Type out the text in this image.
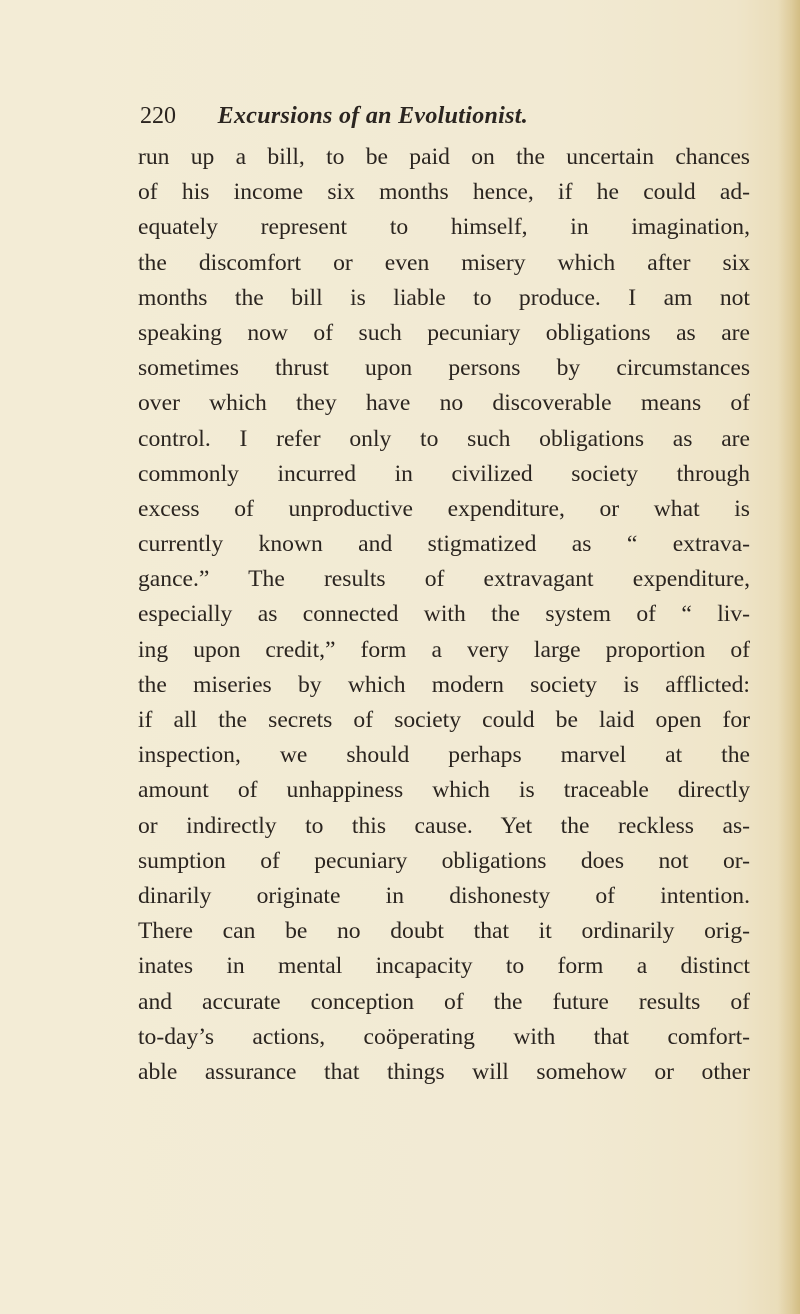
220 Excursions of an Evolutionist.
run up a bill, to be paid on the uncertain chances
of his income six months hence, if he could ad-
equately represent to himself, in imagination,
the discomfort or even misery which after six
months the bill is liable to produce. I am not
speaking now of such pecuniary obligations as are
sometimes thrust upon persons by circumstances
over which they have no discoverable means of
control. I refer only to such obligations as are
commonly incurred in civilized society through
excess of unproductive expenditure, or what is
currently known and stigmatized as “ extrava-
gance.” The results of extravagant expenditure,
especially as connected with the system of “ liv-
ing upon credit,” form a very large proportion of
the miseries by which modern society is afflicted:
if all the secrets of society could be laid open for
inspection, we should perhaps marvel at the
amount of unhappiness which is traceable directly
or indirectly to this cause. Yet the reckless as-
sumption of pecuniary obligations does not or-
dinarily originate in dishonesty of intention.
There can be no doubt that it ordinarily orig-
inates in mental incapacity to form a distinct
and accurate conception of the future results of
to-day’s actions, coöperating with that comfort-
able assurance that things will somehow or other
